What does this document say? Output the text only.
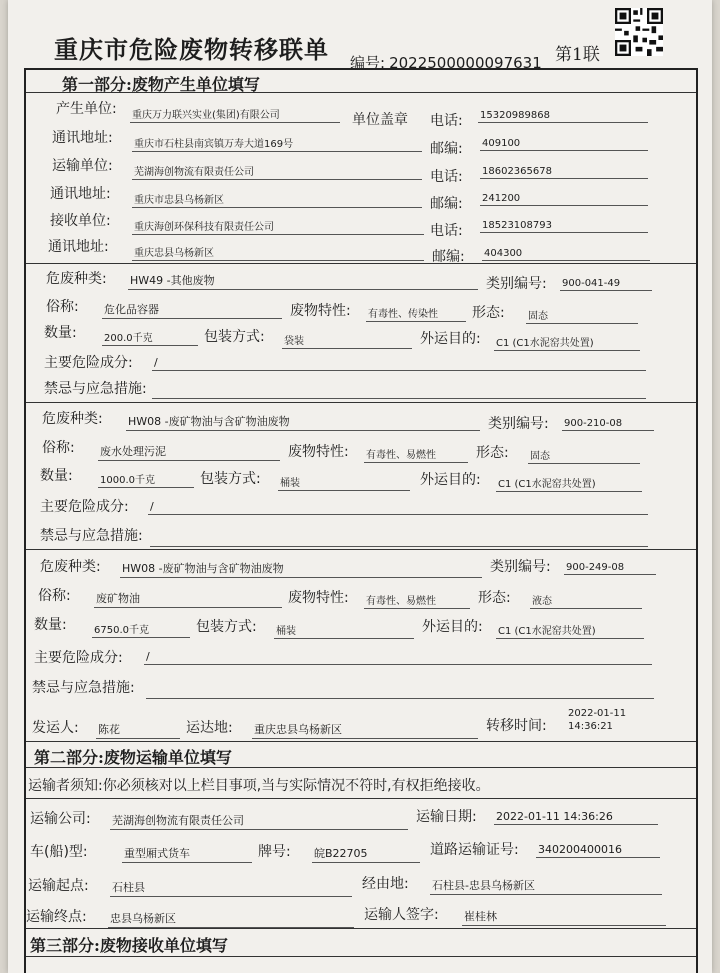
重庆市危险废物转移联单 编号: 2022500000097631 第1联
第一部分:废物产生单位填写
产生单位: 重庆万力联兴实业(集团)有限公司	单位盖章 电话: 15320989868
通讯地址: 重庆市石柱县南宾镇万寿大道169号	邮编: 409100
运输单位: 芜湖海创物流有限责任公司	电话: 18602365678
通讯地址: 重庆市忠县乌杨新区	邮编: 241200
接收单位: 重庆海创环保科技有限责任公司	电话: 18523108793
通讯地址:	重庆忠县乌杨新区	邮编: 404300
危废种类: HW49 -其他废物	类别编号: 900-041-49
俗称: 危化品容器	废物特性: 有毒性、传染性	形态: 固态
数量:	200.0千克	包装方式: 袋装	外运目的: C1 (C1水泥窑共处置)
主要危险成分: /
禁忌与应急措施:
危废种类: HW08 -废矿物油与含矿物油废物	类别编号: 900-210-08
俗称: 废水处理污泥	废物特性: 有毒性、易燃性	形态: 固态
数量:	1000.0千克	包装方式: 桶装	外运目的: C1 (C1水泥窑共处置)
主要危险成分: /
禁忌与应急措施:
危废种类: HW08 -废矿物油与含矿物油废物	类别编号: 900-249-08
俗称: 废矿物油	废物特性: 有毒性、易燃性	形态: 液态
数量:	6750.0千克	包装方式: 桶装	外运目的: C1 (C1水泥窑共处置)
主要危险成分: /
禁忌与应急措施:
发运人: 陈花	运达地: 重庆忠县乌杨新区	转移时间:
2022-01-11
14:36:21
第二部分:废物运输单位填写
运输者须知:你必须核对以上栏目事项,当与实际情况不符时,有权拒绝接收。
运输公司: 芜湖海创物流有限责任公司	运输日期: 2022-01-11 14:36:26
车(船)型:	重型厢式货车	牌号: 皖B22705	道路运输证号: 340200400016
运输起点: 石柱县	经由地: 石柱县-忠县乌杨新区
运输终点: 忠县乌杨新区	运输人签字: 崔桂林
第三部分:废物接收单位填写
